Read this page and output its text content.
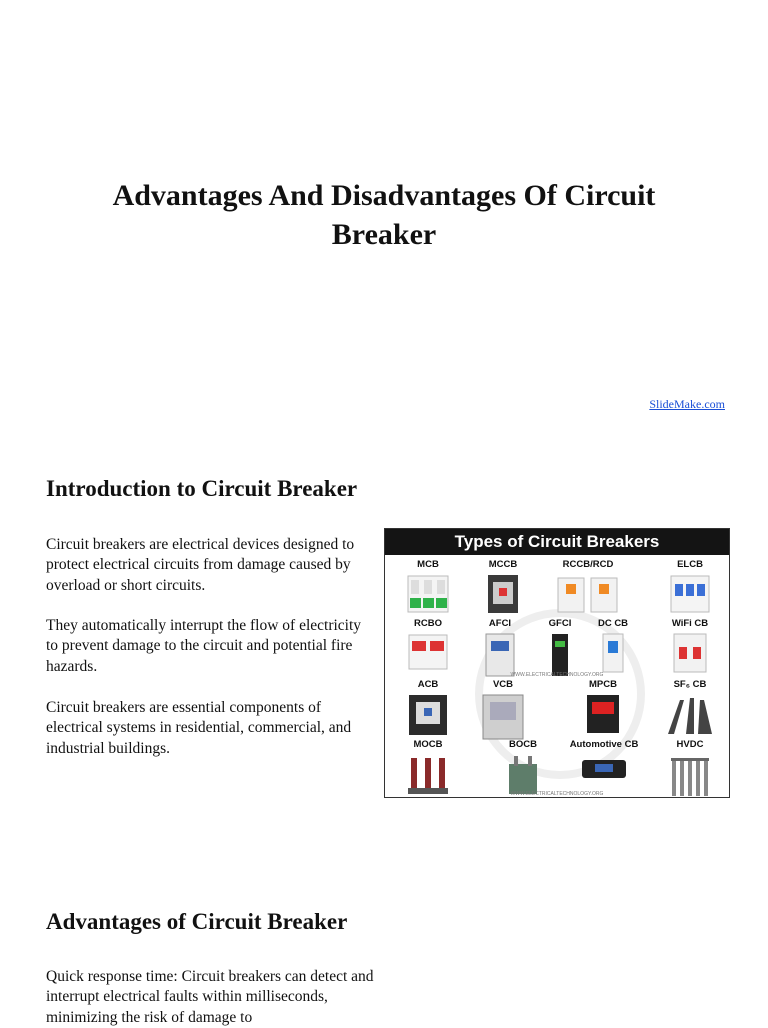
Advantages And Disadvantages Of Circuit Breaker
SlideMake.com
Introduction to Circuit Breaker

Circuit breakers are electrical devices designed to protect electrical circuits from damage caused by overload or short circuits.

They automatically interrupt the flow of electricity to prevent damage to the circuit and potential fire hazards.

Circuit breakers are essential components of electrical systems in residential, commercial, and industrial buildings.

Types of Circuit Breakers
MCB	MCCB	RCCB/RCD	ELCB
RCBO	AFCI	GFCI	DC CB	WiFi CB
ACB	VCB	MPCB	SF₆ CB
MOCB	BOCB	Automotive CB	HVDC
WWW.ELECTRICALTECHNOLOGY.ORG
WWW.ELECTRICALTECHNOLOGY.ORG
Advantages of Circuit Breaker

Quick response time: Circuit breakers can detect and interrupt electrical faults within milliseconds, minimizing the risk of damage to
